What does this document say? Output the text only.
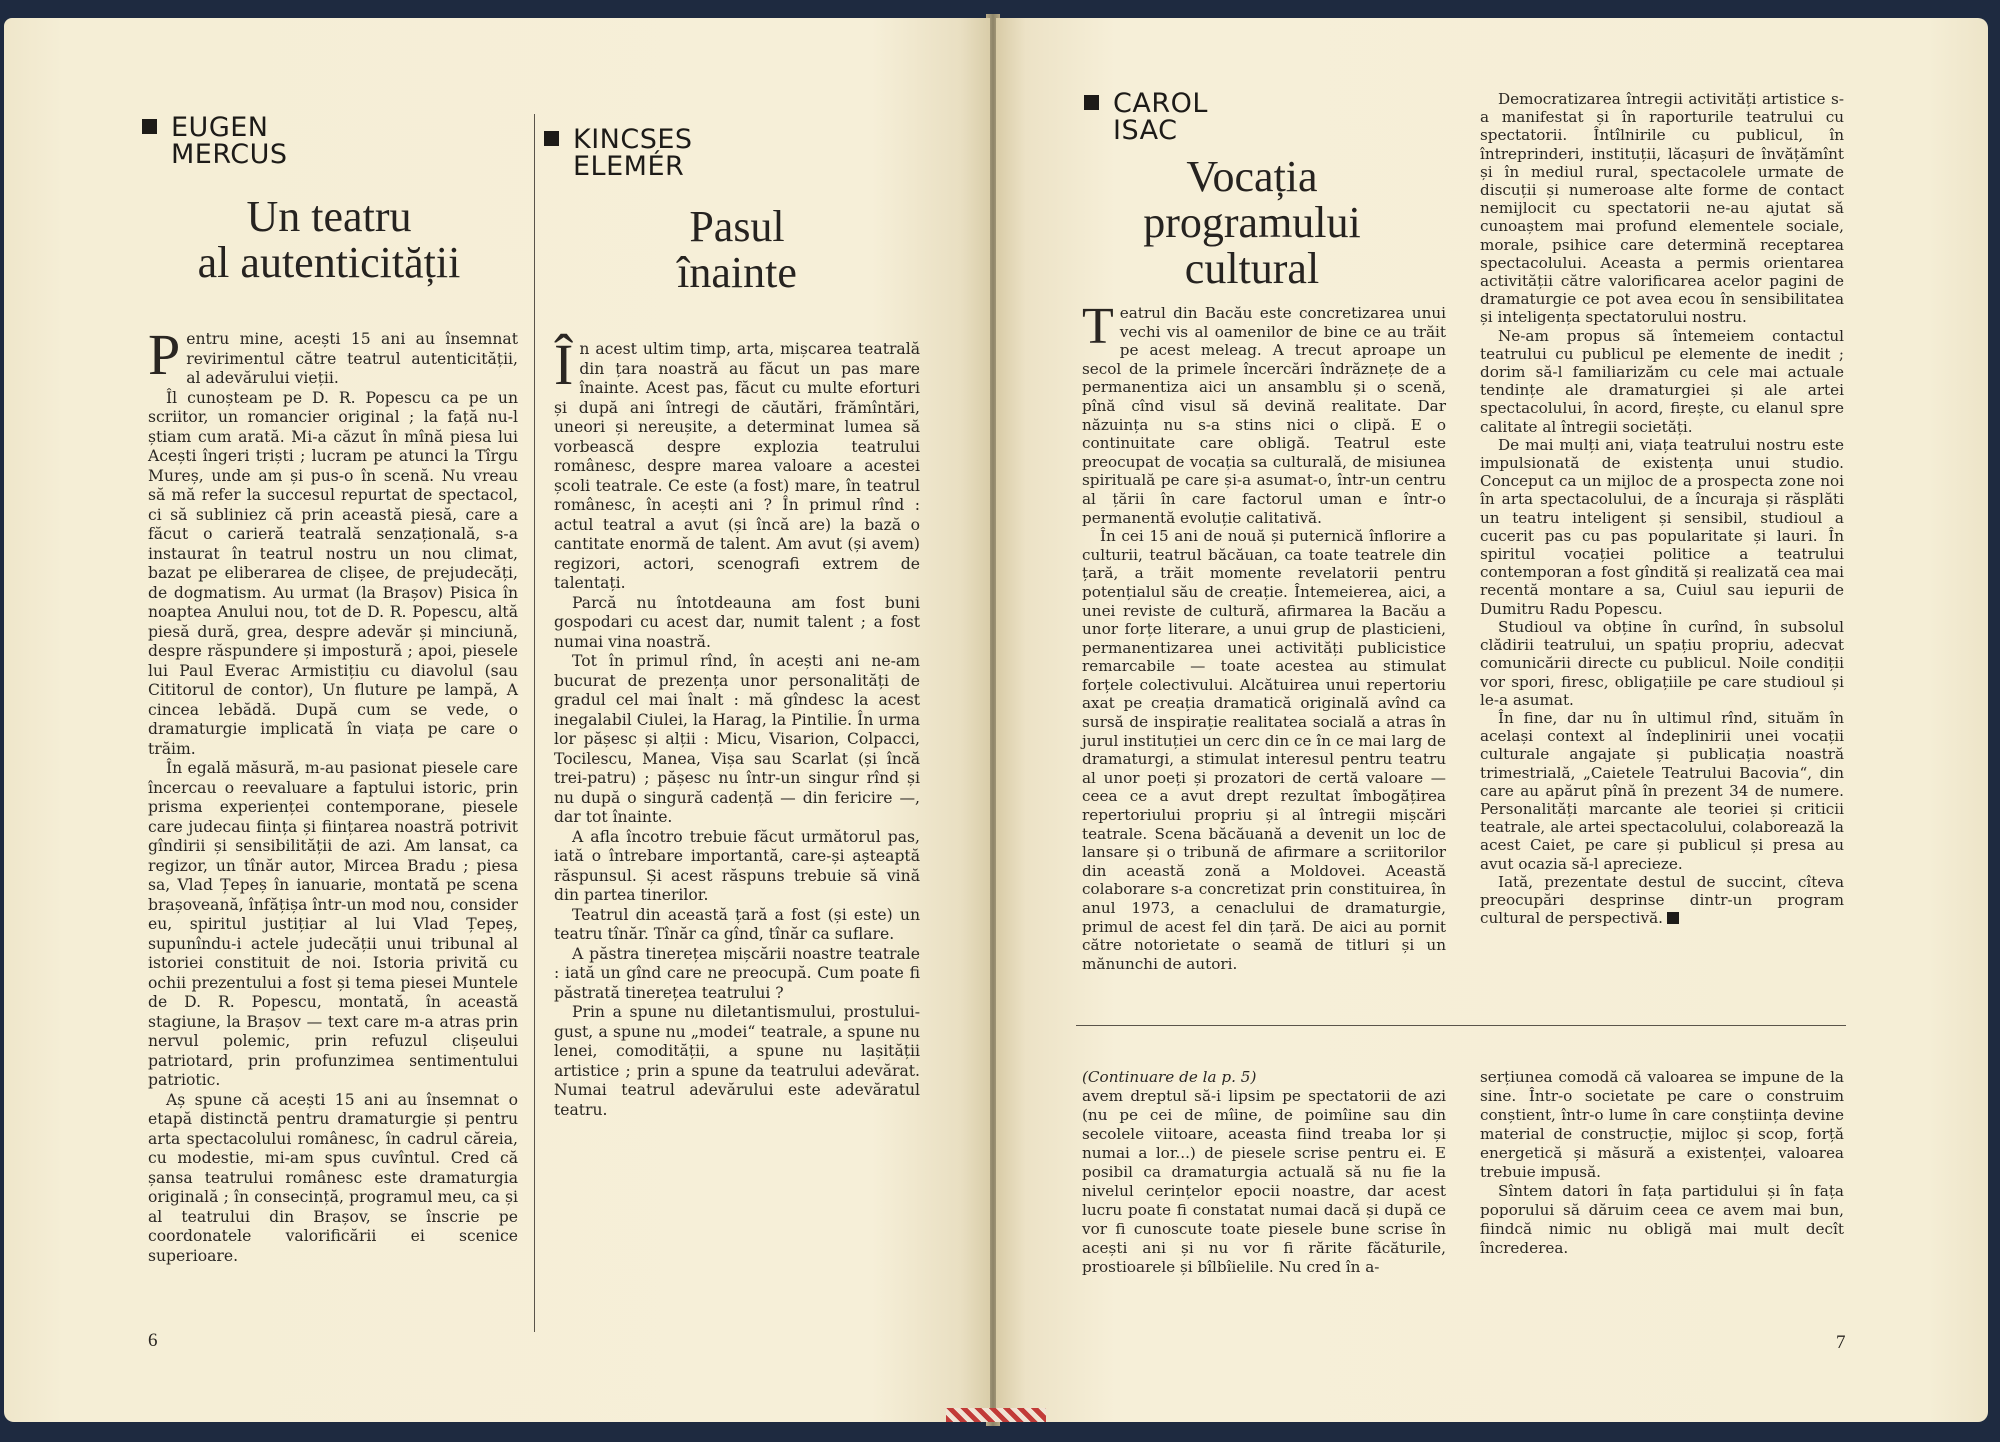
EUGEN
MERCUS
Un teatru
al autenticității

Pentru mine, acești 15 ani au însemnat revirimentul către teatrul autenticității, al adevărului vieții.

Îl cunoșteam pe D. R. Popescu ca pe un scriitor, un romancier original ; la față nu-l știam cum arată. Mi-a căzut în mînă piesa lui Acești îngeri triști ; lucram pe atunci la Tîrgu Mureș, unde am și pus-o în scenă. Nu vreau să mă refer la succesul repurtat de spectacol, ci să subliniez că prin această piesă, care a făcut o carieră teatrală senzațională, s-a instaurat în teatrul nostru un nou climat, bazat pe eliberarea de clișee, de prejudecăți, de dogmatism. Au urmat (la Brașov) Pisica în noaptea Anului nou, tot de D. R. Popescu, altă piesă dură, grea, despre adevăr și minciună, despre răspundere și impostură ; apoi, piesele lui Paul Everac Armistițiu cu diavolul (sau Cititorul de contor), Un fluture pe lampă, A cincea lebădă. După cum se vede, o dramaturgie implicată în viața pe care o trăim.

În egală măsură, m-au pasionat piesele care încercau o reevaluare a faptului istoric, prin prisma experienței contemporane, piesele care judecau ființa și ființarea noastră potrivit gîndirii și sensibilității de azi. Am lansat, ca regizor, un tînăr autor, Mircea Bradu ; piesa sa, Vlad Țepeș în ianuarie, montată pe scena brașoveană, înfățișa într-un mod nou, consider eu, spiritul justițiar al lui Vlad Țepeș, supunîndu-i actele judecății unui tribunal al istoriei constituit de noi. Istoria privită cu ochii prezentului a fost și tema piesei Muntele de D. R. Popescu, montată, în această stagiune, la Brașov — text care m-a atras prin nervul polemic, prin refuzul clișeului patriotard, prin profunzimea sentimentului patriotic.

Aș spune că acești 15 ani au însemnat o etapă distinctă pentru dramaturgie și pentru arta spectacolului românesc, în cadrul căreia, cu modestie, mi-am spus cuvîntul. Cred că șansa teatrului românesc este dramaturgia originală ; în consecință, programul meu, ca și al teatrului din Brașov, se înscrie pe coordonatele valorificării ei scenice superioare.

KINCSES
ELEMÉR
Pasul
înainte

În acest ultim timp, arta, mișcarea teatrală din țara noastră au făcut un pas mare înainte. Acest pas, făcut cu multe eforturi și după ani întregi de căutări, frămîntări, uneori și nereușite, a determinat lumea să vorbească despre explozia teatrului românesc, despre marea valoare a acestei școli teatrale. Ce este (a fost) mare, în teatrul românesc, în acești ani ? În primul rînd : actul teatral a avut (și încă are) la bază o cantitate enormă de talent. Am avut (și avem) regizori, actori, scenografi extrem de talentați.

Parcă nu întotdeauna am fost buni gospodari cu acest dar, numit talent ; a fost numai vina noastră.

Tot în primul rînd, în acești ani ne-am bucurat de prezența unor personalități de gradul cel mai înalt : mă gîndesc la acest inegalabil Ciulei, la Harag, la Pintilie. În urma lor pășesc și alții : Micu, Visarion, Colpacci, Tocilescu, Manea, Vișa sau Scarlat (și încă trei-patru) ; pășesc nu într-un singur rînd și nu după o singură cadență — din fericire —, dar tot înainte.

A afla încotro trebuie făcut următorul pas, iată o întrebare importantă, care-și așteaptă răspunsul. Și acest răspuns trebuie să vină din partea tinerilor.

Teatrul din această țară a fost (și este) un teatru tînăr. Tînăr ca gînd, tînăr ca suflare.

A păstra tinerețea mișcării noastre teatrale : iată un gînd care ne preocupă. Cum poate fi păstrată tinerețea teatrului ?

Prin a spune nu diletantismului, prostului-gust, a spune nu „modei“ teatrale, a spune nu lenei, comodității, a spune nu lașității artistice ; prin a spune da teatrului adevărat. Numai teatrul adevărului este adevăratul teatru.

6
CAROL
ISAC
Vocația
programului
cultural

Teatrul din Bacău este concretizarea unui vechi vis al oamenilor de bine ce au trăit pe acest meleag. A trecut aproape un secol de la primele încercări îndrăznețe de a permanentiza aici un ansamblu și o scenă, pînă cînd visul să devină realitate. Dar năzuința nu s-a stins nici o clipă. E o continuitate care obligă. Teatrul este preocupat de vocația sa culturală, de misiunea spirituală pe care și-a asumat-o, într-un centru al țării în care factorul uman e într-o permanentă evoluție calitativă.

În cei 15 ani de nouă și puternică înflorire a culturii, teatrul băcăuan, ca toate teatrele din țară, a trăit momente revelatorii pentru potențialul său de creație. Întemeierea, aici, a unei reviste de cultură, afirmarea la Bacău a unor forțe literare, a unui grup de plasticieni, permanentizarea unei activități publicistice remarcabile — toate acestea au stimulat forțele colectivului. Alcătuirea unui repertoriu axat pe creația dramatică originală avînd ca sursă de inspirație realitatea socială a atras în jurul instituției un cerc din ce în ce mai larg de dramaturgi, a stimulat interesul pentru teatru al unor poeți și prozatori de certă valoare — ceea ce a avut drept rezultat îmbogățirea repertoriului propriu și al întregii mișcări teatrale. Scena băcăuană a devenit un loc de lansare și o tribună de afirmare a scriitorilor din această zonă a Moldovei. Această colaborare s-a concretizat prin constituirea, în anul 1973, a cenaclului de dramaturgie, primul de acest fel din țară. De aici au pornit către notorietate o seamă de titluri și un mănunchi de autori.

Democratizarea întregii activități artistice s-a manifestat și în raporturile teatrului cu spectatorii. Întîlnirile cu publicul, în întreprinderi, instituții, lăcașuri de învățămînt și în mediul rural, spectacolele urmate de discuții și numeroase alte forme de contact nemijlocit cu spectatorii ne-au ajutat să cunoaștem mai profund elementele sociale, morale, psihice care determină receptarea spectacolului. Aceasta a permis orientarea activității către valorificarea acelor pagini de dramaturgie ce pot avea ecou în sensibilitatea și inteligența spectatorului nostru.

Ne-am propus să întemeiem contactul teatrului cu publicul pe elemente de inedit ; dorim să-l familiarizăm cu cele mai actuale tendințe ale dramaturgiei și ale artei spectacolului, în acord, firește, cu elanul spre calitate al întregii societăți.

De mai mulți ani, viața teatrului nostru este impulsionată de existența unui studio. Conceput ca un mijloc de a prospecta zone noi în arta spectacolului, de a încuraja și răsplăti un teatru inteligent și sensibil, studioul a cucerit pas cu pas popularitate și lauri. În spiritul vocației politice a teatrului contemporan a fost gîndită și realizată cea mai recentă montare a sa, Cuiul sau iepurii de Dumitru Radu Popescu.

Studioul va obține în curînd, în subsolul clădirii teatrului, un spațiu propriu, adecvat comunicării directe cu publicul. Noile condiții vor spori, firesc, obligațiile pe care studioul și le-a asumat.

În fine, dar nu în ultimul rînd, situăm în același context al îndeplinirii unei vocații culturale angajate și publicația noastră trimestrială, „Caietele Teatrului Bacovia“, din care au apărut pînă în prezent 34 de numere. Personalități marcante ale teoriei și criticii teatrale, ale artei spectacolului, colaborează la acest Caiet, pe care și publicul și presa au avut ocazia să-l aprecieze.

Iată, prezentate destul de succint, cîteva preocupări desprinse dintr-un program cultural de perspectivă.

(Continuare de la p. 5)

avem dreptul să-i lipsim pe spectatorii de azi (nu pe cei de mîine, de poimîine sau din secolele viitoare, aceasta fiind treaba lor și numai a lor...) de piesele scrise pentru ei. E posibil ca dramaturgia actuală să nu fie la nivelul cerințelor epocii noastre, dar acest lucru poate fi constatat numai dacă și după ce vor fi cunoscute toate piesele bune scrise în acești ani și nu vor fi rărite făcăturile, prostioarele și bîlbîielile. Nu cred în a-

serțiunea comodă că valoarea se impune de la sine. Într-o societate pe care o construim conștient, într-o lume în care conștiința devine material de construcție, mijloc și scop, forță energetică și măsură a existenței, valoarea trebuie impusă.

Sîntem datori în fața partidului și în fața poporului să dăruim ceea ce avem mai bun, fiindcă nimic nu obligă mai mult decît încrederea.

7
